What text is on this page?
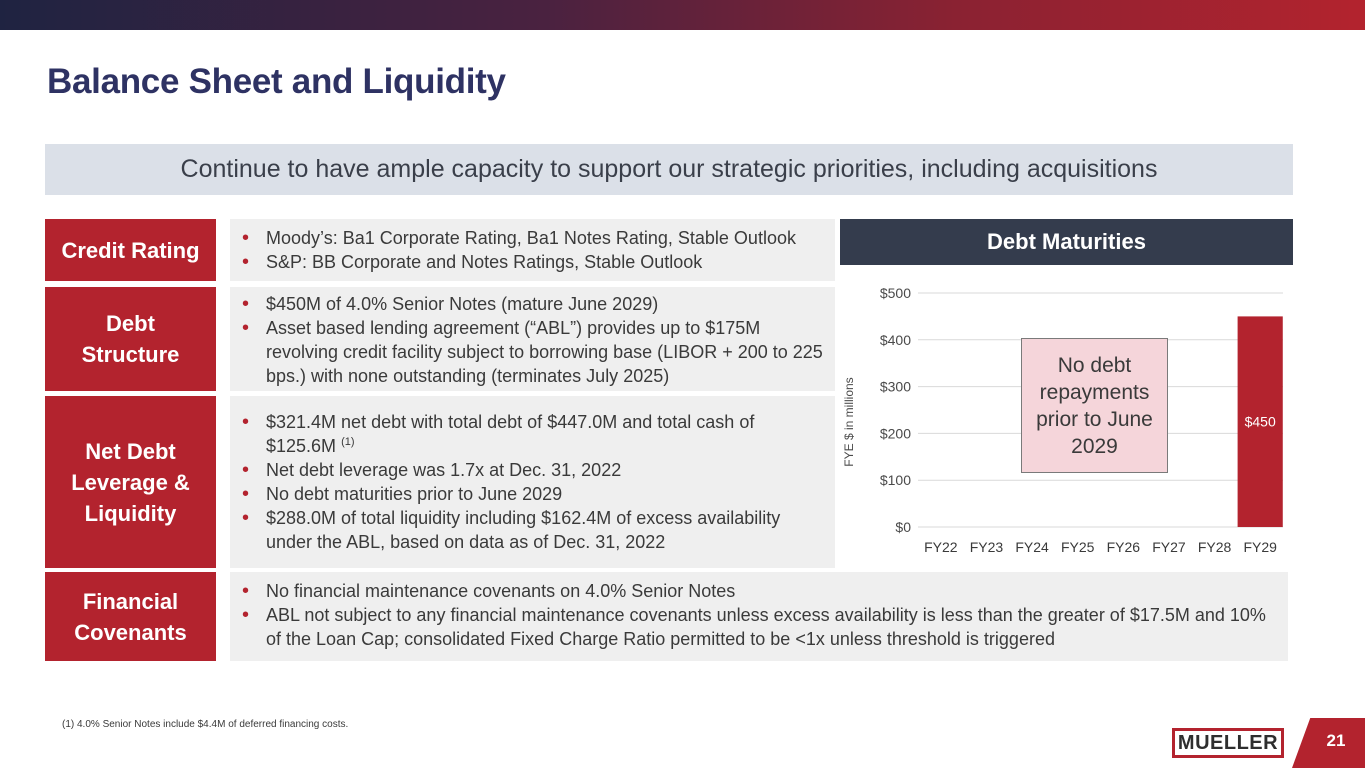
Balance Sheet and Liquidity
Continue to have ample capacity to support our strategic priorities, including acquisitions
Credit Rating
Debt Structure
Net Debt Leverage & Liquidity
Financial Covenants
• Moody’s: Ba1 Corporate Rating, Ba1 Notes Rating, Stable Outlook
• S&P: BB Corporate and Notes Ratings, Stable Outlook
• $450M of 4.0% Senior Notes (mature June 2029)
• Asset based lending agreement (“ABL”) provides up to $175M revolving credit facility subject to borrowing base (LIBOR + 200 to 225 bps.) with none outstanding (terminates July 2025)
• $321.4M net debt with total debt of $447.0M and total cash of $125.6M $^{(1)}$
• Net debt leverage was 1.7x at Dec. 31, 2022
• No debt maturities prior to June 2029
• $288.0M of total liquidity including $162.4M of excess availability under the ABL, based on data as of Dec. 31, 2022
• No financial maintenance covenants on 4.0% Senior Notes
• ABL not subject to any financial maintenance covenants unless excess availability is less than the greater of $17.5M and 10% of the Loan Cap; consolidated Fixed Charge Ratio permitted to be <1x unless threshold is triggered
Debt Maturities
$0
$100
$200
$300
$400
$500
$450
FY22 FY23 FY24 FY25 FY26 FY27 FY28 FY29
FYE $ in millions
No debt repayments prior to June 2029
(1) 4.0% Senior Notes include $4.4M of deferred financing costs.
MUELLER	21
